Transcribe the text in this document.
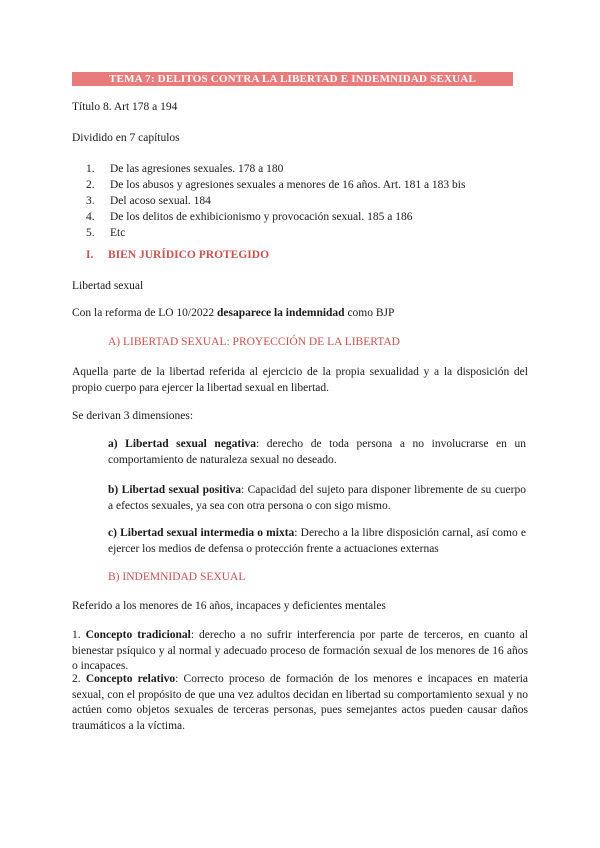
TEMA 7: DELITOS CONTRA LA LIBERTAD E INDEMNIDAD SEXUAL
Título 8. Art 178 a 194
Dividido en 7 capítulos
1.	De las agresiones sexuales. 178 a 180
2.	De los abusos y agresiones sexuales a menores de 16 años. Art. 181 a 183 bis
3.	Del acoso sexual. 184
4.	De los delitos de exhibicionismo y provocación sexual. 185 a 186
5.	Etc
I. BIEN JURÍDICO PROTEGIDO
Libertad sexual
Con la reforma de LO 10/2022 desaparece la indemnidad como BJP
A) LIBERTAD SEXUAL: PROYECCIÓN DE LA LIBERTAD
Aquella parte de la libertad referida al ejercicio de la propia sexualidad y a la disposición del propio cuerpo para ejercer la libertad sexual en libertad.
Se derivan 3 dimensiones:
a) Libertad sexual negativa: derecho de toda persona a no involucrarse en un comportamiento de naturaleza sexual no deseado.
b) Libertad sexual positiva: Capacidad del sujeto para disponer libremente de su cuerpo a efectos sexuales, ya sea con otra persona o con sigo mismo.
c) Libertad sexual intermedia o mixta: Derecho a la libre disposición carnal, así como e ejercer los medios de defensa o protección frente a actuaciones externas
B) INDEMNIDAD SEXUAL
Referido a los menores de 16 años, incapaces y deficientes mentales
1. Concepto tradicional: derecho a no sufrir interferencia por parte de terceros, en cuanto al bienestar psíquico y al normal y adecuado proceso de formación sexual de los menores de 16 años o incapaces.
2. Concepto relativo: Correcto proceso de formación de los menores e incapaces en materia sexual, con el propósito de que una vez adultos decidan en libertad su comportamiento sexual y no actúen como objetos sexuales de terceras personas, pues semejantes actos pueden causar daños traumáticos a la víctima.
